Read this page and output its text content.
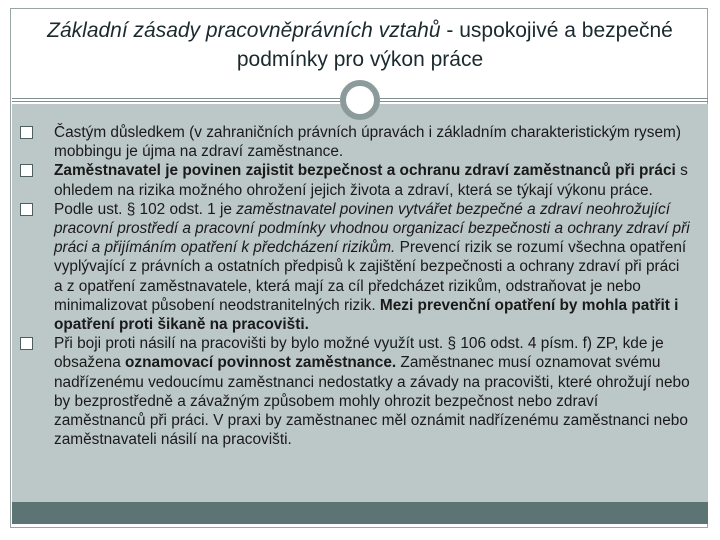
Základní zásady pracovněprávních vztahů - uspokojivé a bezpečné podmínky pro výkon práce
Častým důsledkem (v zahraničních právních úpravách i základním charakteristickým rysem) mobbingu je újma na zdraví zaměstnance.
Zaměstnavatel je povinen zajistit bezpečnost a ochranu zdraví zaměstnanců při práci s ohledem na rizika možného ohrožení jejich života a zdraví, která se týkají výkonu práce.
Podle ust. § 102 odst. 1 je zaměstnavatel povinen vytvářet bezpečné a zdraví neohrožující pracovní prostředí a pracovní podmínky vhodnou organizací bezpečnosti a ochrany zdraví při práci a přijímáním opatření k předcházení rizikům. Prevencí rizik se rozumí všechna opatření vyplývající z právních a ostatních předpisů k zajištění bezpečnosti a ochrany zdraví při práci a z opatření zaměstnavatele, která mají za cíl předcházet rizikům, odstraňovat je nebo minimalizovat působení neodstranitelných rizik. Mezi prevenční opatření by mohla patřit i opatření proti šikaně na pracovišti.
Při boji proti násilí na pracovišti by bylo možné využít ust. § 106 odst. 4 písm. f) ZP, kde je obsažena oznamovací povinnost zaměstnance. Zaměstnanec musí oznamovat svému nadřízenému vedoucímu zaměstnanci nedostatky a závady na pracovišti, které ohrožují nebo by bezprostředně a závažným způsobem mohly ohrozit bezpečnost nebo zdraví zaměstnanců při práci. V praxi by zaměstnanec měl oznámit nadřízenému zaměstnanci nebo zaměstnavateli násilí na pracovišti.
